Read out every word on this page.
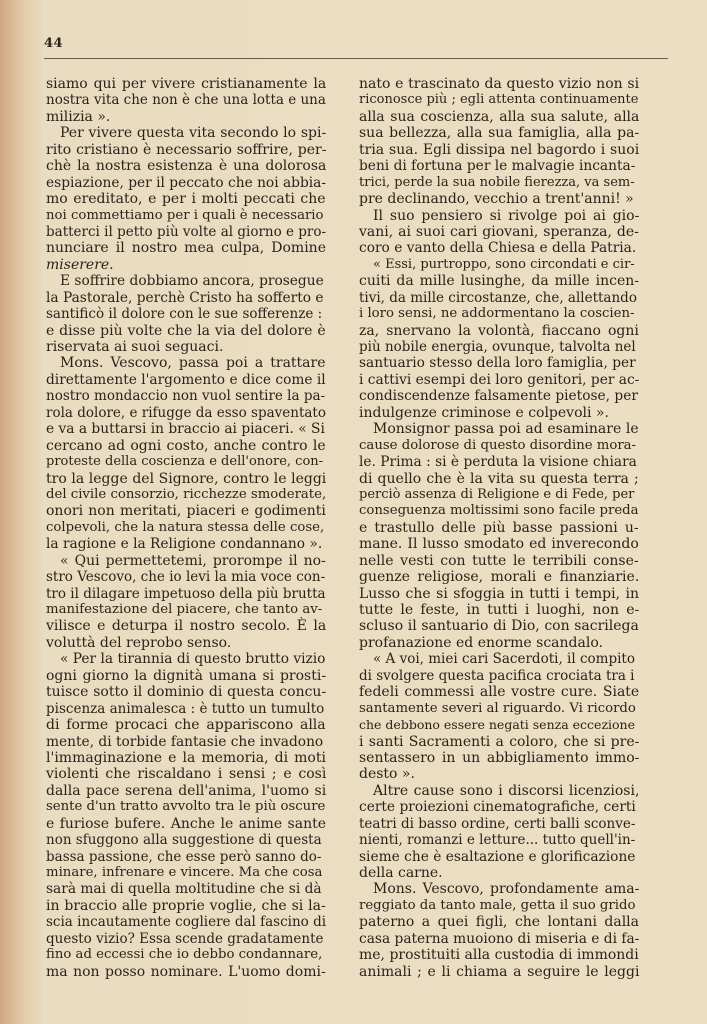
44
siamo qui per vivere cristianamente la
nostra vita che non è che una lotta e una
milizia ».
Per vivere questa vita secondo lo spi-
rito cristiano è necessario soffrire, per-
chè la nostra esistenza è una dolorosa
espiazione, per il peccato che noi abbia-
mo ereditato, e per i molti peccati che
noi commettiamo per i quali è necessario
batterci il petto più volte al giorno e pro-
nunciare il nostro mea culpa, Domine
miserere.
E soffrire dobbiamo ancora, prosegue
la Pastorale, perchè Cristo ha sofferto e
santificò il dolore con le sue sofferenze :
e disse più volte che la via del dolore è
riservata ai suoi seguaci.
Mons. Vescovo, passa poi a trattare
direttamente l'argomento e dice come il
nostro mondaccio non vuol sentire la pa-
rola dolore, e rifugge da esso spaventato
e va a buttarsi in braccio ai piaceri. « Si
cercano ad ogni costo, anche contro le
proteste della coscienza e dell'onore, con-
tro la legge del Signore, contro le leggi
del civile consorzio, ricchezze smoderate,
onori non meritati, piaceri e godimenti
colpevoli, che la natura stessa delle cose,
la ragione e la Religione condannano ».
« Qui permettetemi, prorompe il no-
stro Vescovo, che io levi la mia voce con-
tro il dilagare impetuoso della più brutta
manifestazione del piacere, che tanto av-
vilisce e deturpa il nostro secolo. È la
voluttà del reprobo senso.
« Per la tirannia di questo brutto vizio
ogni giorno la dignità umana si prosti-
tuisce sotto il dominio di questa concu-
piscenza animalesca : è tutto un tumulto
di forme procaci che appariscono alla
mente, di torbide fantasie che invadono
l'immaginazione e la memoria, di moti
violenti che riscaldano i sensi ; e così
dalla pace serena dell'anima, l'uomo si
sente d'un tratto avvolto tra le più oscure
e furiose bufere. Anche le anime sante
non sfuggono alla suggestione di questa
bassa passione, che esse però sanno do-
minare, infrenare e vincere. Ma che cosa
sarà mai di quella moltitudine che si dà
in braccio alle proprie voglie, che si la-
scia incautamente cogliere dal fascino di
questo vizio? Essa scende gradatamente
fino ad eccessi che io debbo condannare,
ma non posso nominare. L'uomo domi-
nato e trascinato da questo vizio non si
riconosce più ; egli attenta continuamente
alla sua coscienza, alla sua salute, alla
sua bellezza, alla sua famiglia, alla pa-
tria sua. Egli dissipa nel bagordo i suoi
beni di fortuna per le malvagie incanta-
trici, perde la sua nobile fierezza, va sem-
pre declinando, vecchio a trent'anni! »
Il suo pensiero si rivolge poi ai gio-
vani, ai suoi cari giovani, speranza, de-
coro e vanto della Chiesa e della Patria.
« Essi, purtroppo, sono circondati e cir-
cuiti da mille lusinghe, da mille incen-
tivi, da mille circostanze, che, allettando
i loro sensi, ne addormentano la coscien-
za, snervano la volontà, fiaccano ogni
più nobile energia, ovunque, talvolta nel
santuario stesso della loro famiglia, per
i cattivi esempi dei loro genitori, per ac-
condiscendenze falsamente pietose, per
indulgenze criminose e colpevoli ».
Monsignor passa poi ad esaminare le
cause dolorose di questo disordine mora-
le. Prima : si è perduta la visione chiara
di quello che è la vita su questa terra ;
perciò assenza di Religione e di Fede, per
conseguenza moltissimi sono facile preda
e trastullo delle più basse passioni u-
mane. Il lusso smodato ed inverecondo
nelle vesti con tutte le terribili conse-
guenze religiose, morali e finanziarie.
Lusso che si sfoggia in tutti i tempi, in
tutte le feste, in tutti i luoghi, non e-
scluso il santuario di Dio, con sacrilega
profanazione ed enorme scandalo.
« A voi, miei cari Sacerdoti, il compito
di svolgere questa pacifica crociata tra i
fedeli commessi alle vostre cure. Siate
santamente severi al riguardo. Vi ricordo
che debbono essere negati senza eccezione
i santi Sacramenti a coloro, che si pre-
sentassero in un abbigliamento immo-
desto ».
Altre cause sono i discorsi licenziosi,
certe proiezioni cinematografiche, certi
teatri di basso ordine, certi balli sconve-
nienti, romanzi e letture... tutto quell'in-
sieme che è esaltazione e glorificazione
della carne.
Mons. Vescovo, profondamente ama-
reggiato da tanto male, getta il suo grido
paterno a quei figli, che lontani dalla
casa paterna muoiono di miseria e di fa-
me, prostituiti alla custodia di immondi
animali ; e li chiama a seguire le leggi
